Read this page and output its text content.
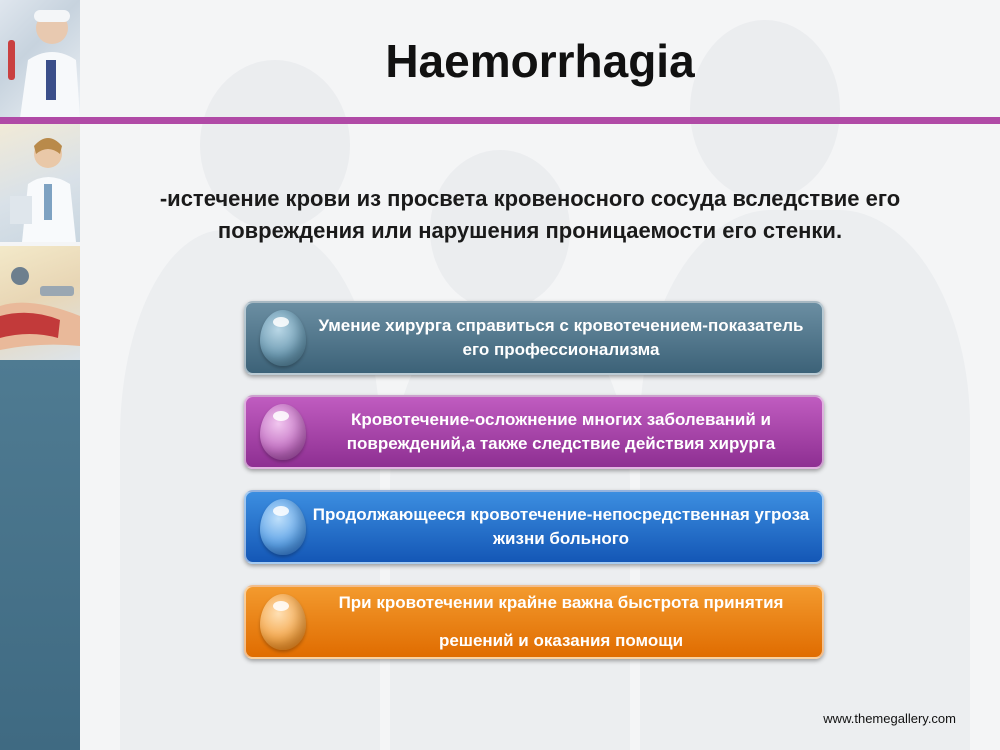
Haemorrhagia
-истечение крови из просвета кровеносного сосуда вследствие его повреждения или нарушения проницаемости его стенки.
Умение хирурга справиться с кровотечением-показатель его профессионализма
Кровотечение-осложнение многих заболеваний и повреждений,а также следствие действия хирурга
Продолжающееся кровотечение-непосредственная угроза жизни больного
При кровотечении крайне важна быстрота принятия
решений и оказания помощи
www.themegallery.com
